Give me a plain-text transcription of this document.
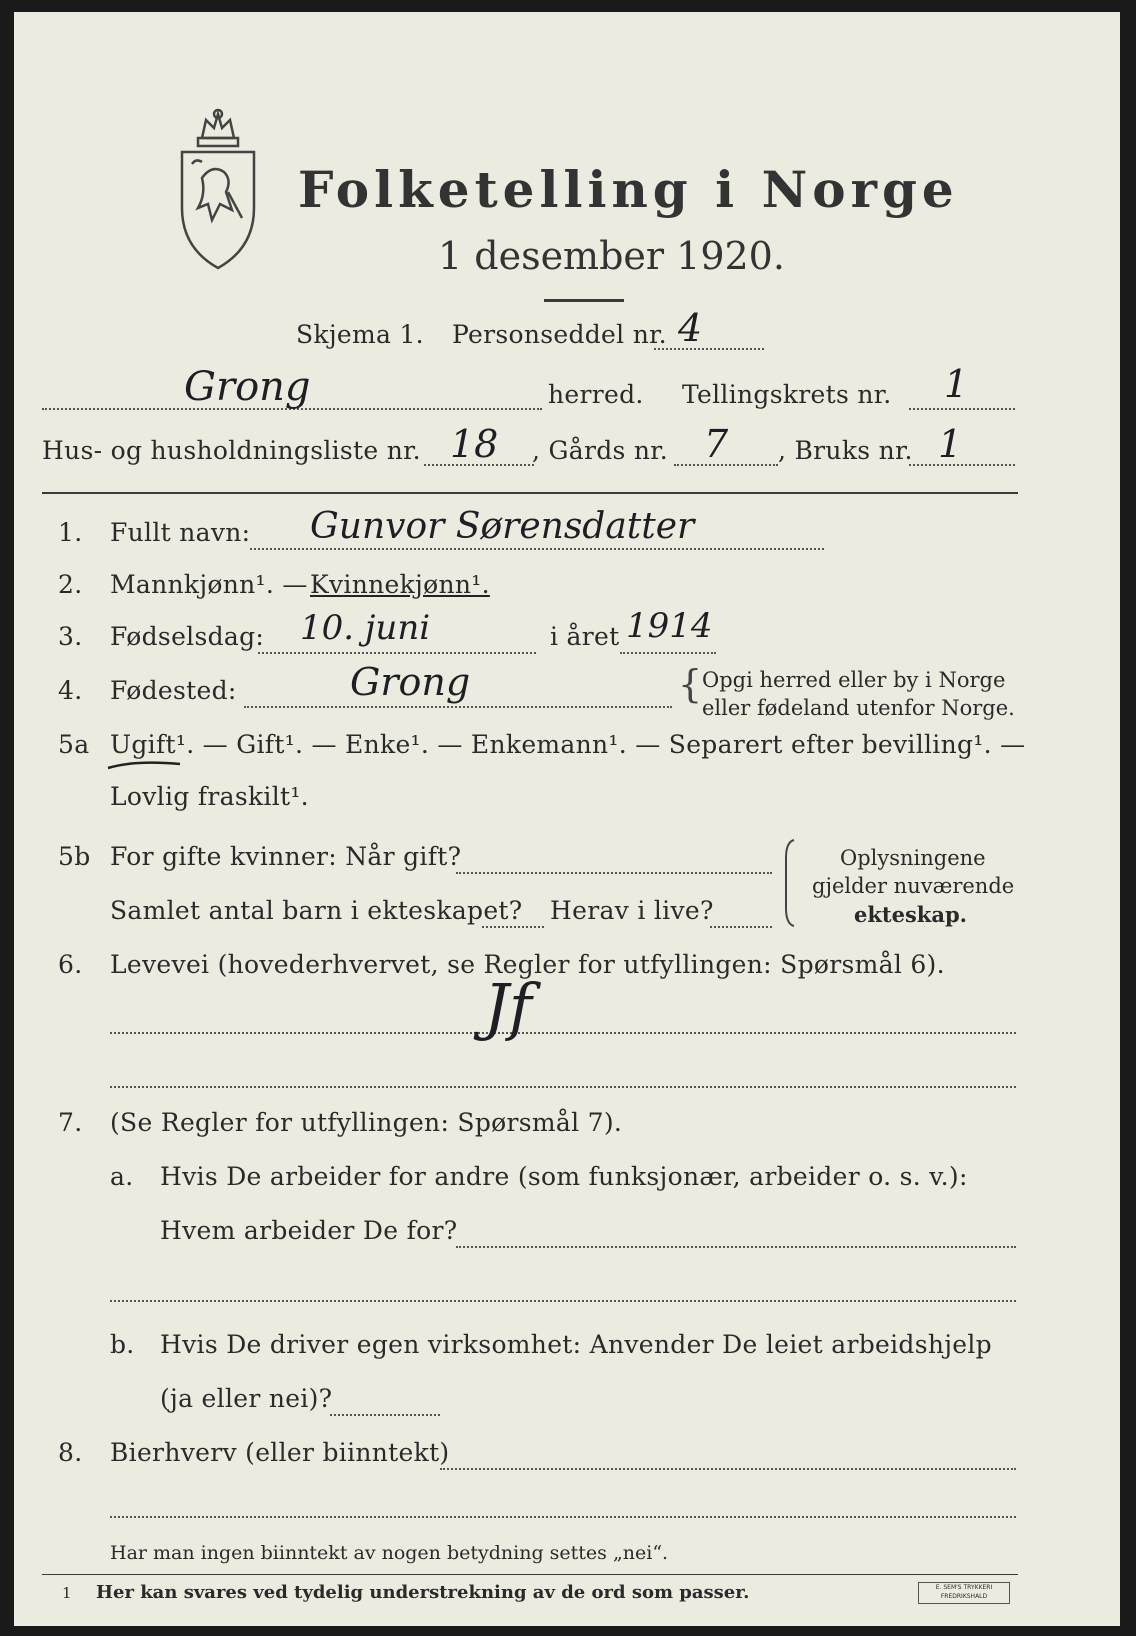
Folketelling i Norge
1 desember 1920.
Skjema 1. Personseddel nr. 4
Grong	herred. Tellingskrets nr. 1
Hus- og husholdningsliste nr. 18 , Gårds nr. 7 , Bruks nr. 1
1. Fullt navn: Gunvor Sørensdatter
2. Mannkjønn¹. — Kvinnekjønn¹.
3. Fødselsdag: 10. juni	i året 1914
4. Fødested:	Grong	{ Opgi herred eller by i Norge
eller fødeland utenfor Norge.
5a Ugift¹. — Gift¹. — Enke¹. — Enkemann¹. — Separert efter bevilling¹. —
Lovlig fraskilt¹.
5b For gifte kvinner: Når gift?
Samlet antal barn i ekteskapet? Herav i live?
Oplysningene
gjelder nuværende
ekteskap.
6. Levevei (hovederhvervet, se Regler for utfyllingen: Spørsmål 6).
Jf
7. (Se Regler for utfyllingen: Spørsmål 7).
a. Hvis De arbeider for andre (som funksjonær, arbeider o. s. v.):
Hvem arbeider De for?
b. Hvis De driver egen virksomhet: Anvender De leiet arbeidshjelp
(ja eller nei)?
8. Bierhverv (eller biinntekt)
Har man ingen biinntekt av nogen betydning settes „nei“.
1 Her kan svares ved tydelig understrekning av de ord som passer.	E. SEM'S TRYKKERI FREDRIKSHALD
